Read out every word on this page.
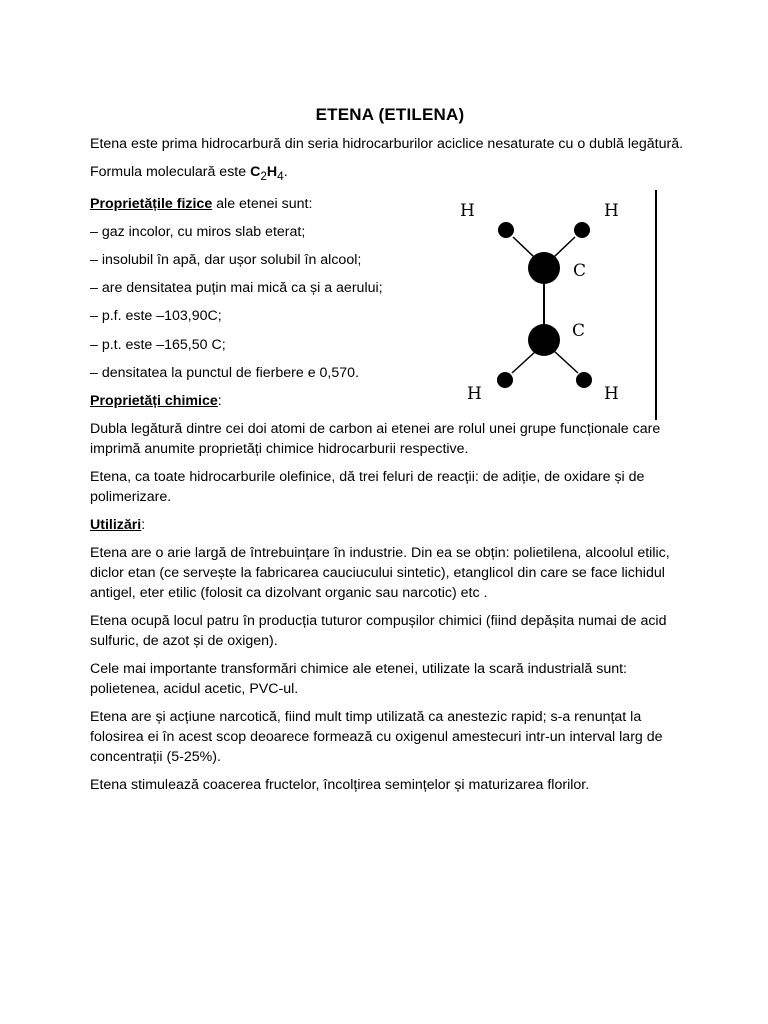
ETENA (ETILENA)
Etena este prima hidrocarbură din seria hidrocarburilor aciclice nesaturate cu o dublă legătură.
Formula moleculară este $C_2H_4$.
Proprietățile fizice ale etenei sunt:
– gaz incolor, cu miros slab eterat;
– insolubil în apă, dar ușor solubil în alcool;
– are densitatea puțin mai mică ca și a aerului;
– p.f. este –103,90C;
– p.t. este –165,50 C;
– densitatea la punctul de fierbere e 0,570.
Proprietăți chimice:
Dubla legătură dintre cei doi atomi de carbon ai etenei are rolul unei grupe funcționale care imprimă anumite proprietăți chimice hidrocarburii respective.
Etena, ca toate hidrocarburile olefinice, dă trei feluri de reacții: de adiție, de oxidare și de polimerizare.
Utilizări:
Etena are o arie largă de întrebuințare în industrie. Din ea se obțin: polietilena, alcoolul etilic, diclor etan (ce servește la fabricarea cauciucului sintetic), etanglicol din care se face lichidul antigel, eter etilic (folosit ca dizolvant organic sau narcotic) etc .
Etena ocupă locul patru în producția tuturor compușilor chimici (fiind depășita numai de acid sulfuric, de azot și de oxigen).
Cele mai importante transformări chimice ale etenei, utilizate la scară industrială sunt: polietenea, acidul acetic, PVC-ul.
Etena are și acțiune narcotică, fiind mult timp utilizată ca anestezic rapid; s-a renunțat la folosirea ei în acest scop deoarece formează cu oxigenul amestecuri intr-un interval larg de concentrații (5-25%).
Etena stimulează coacerea fructelor, încolțirea semințelor și maturizarea florilor.
H	H
C
C
H	H
